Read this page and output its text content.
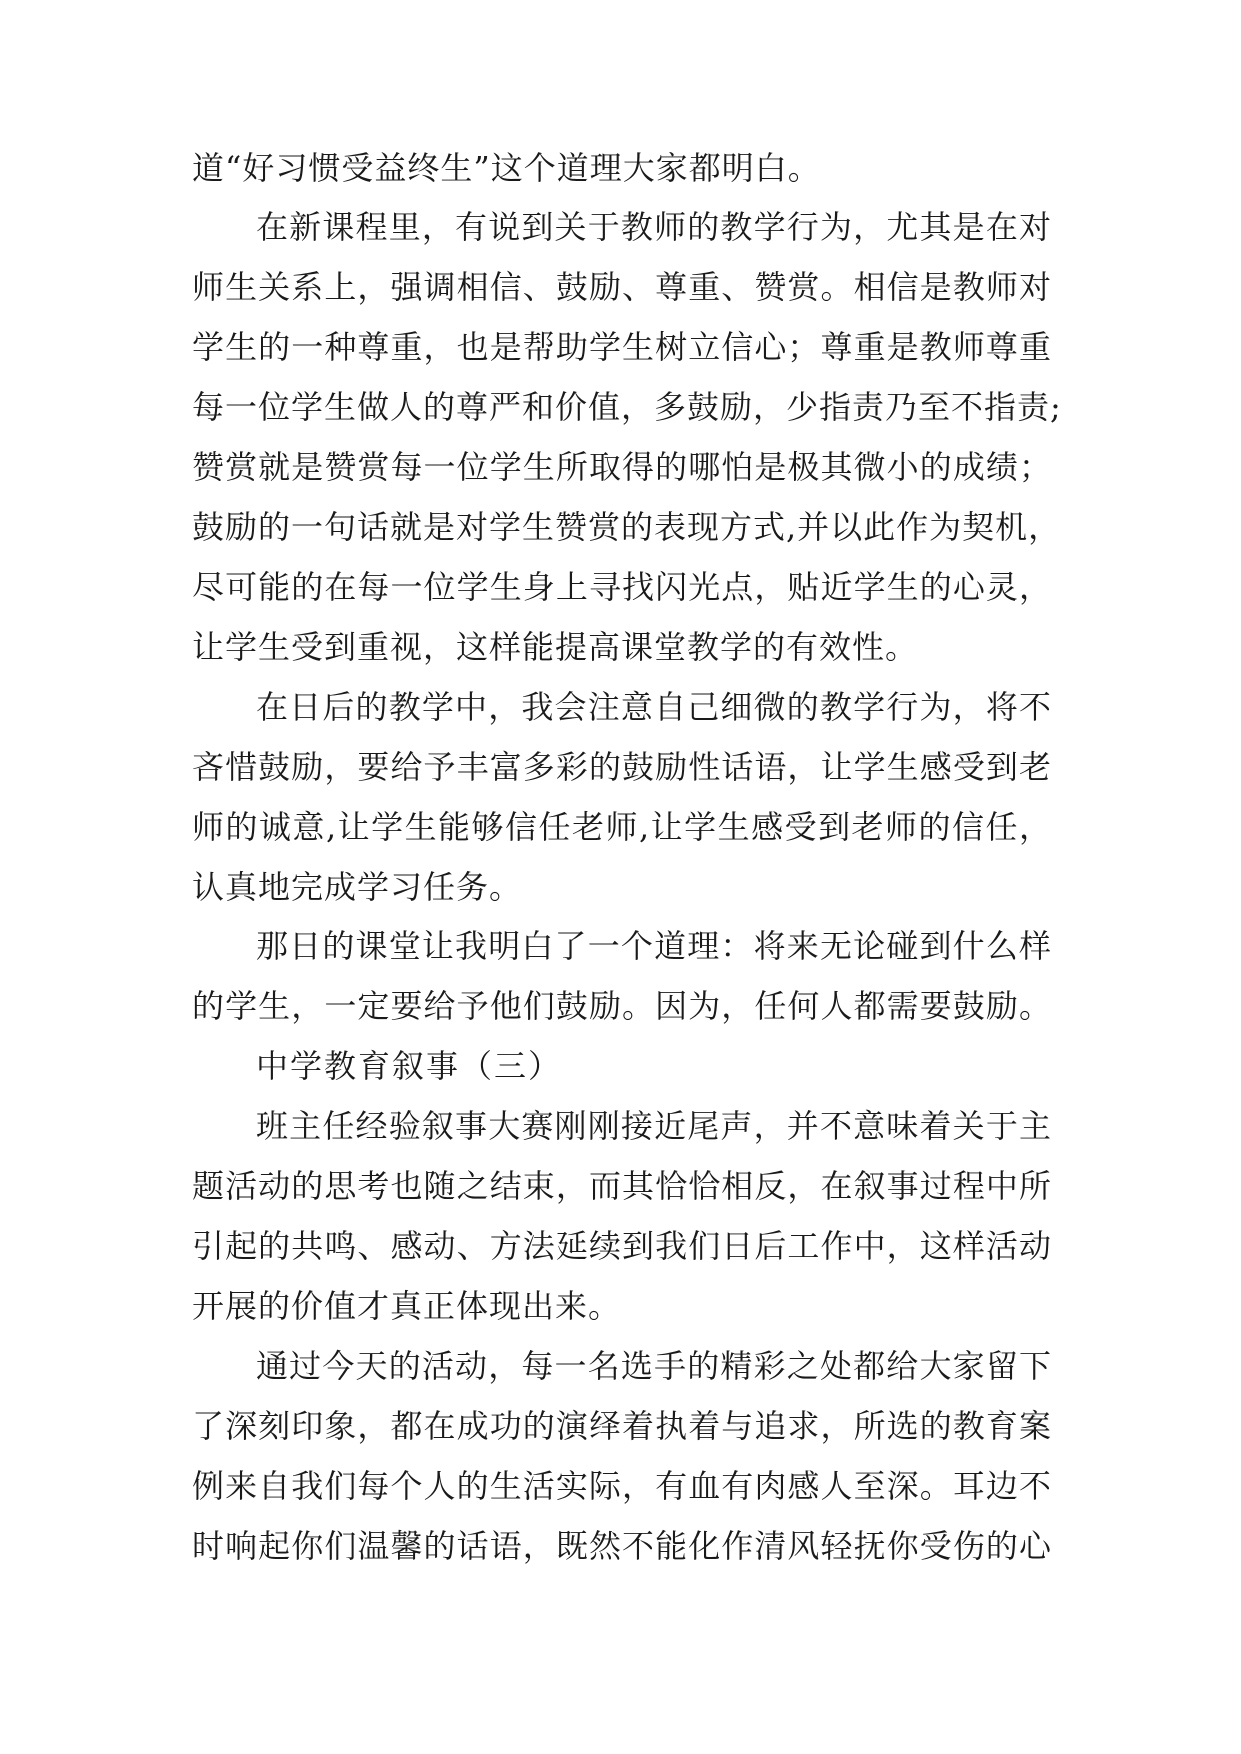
道“好习惯受益终生”这个道理大家都明白。
在新课程里，有说到关于教师的教学行为，尤其是在对
师生关系上，强调相信、鼓励、尊重、赞赏。相信是教师对
学生的一种尊重，也是帮助学生树立信心；尊重是教师尊重
每一位学生做人的尊严和价值，多鼓励，少指责乃至不指责;
赞赏就是赞赏每一位学生所取得的哪怕是极其微小的成绩；
鼓励的一句话就是对学生赞赏的表现方式,并以此作为契机，
尽可能的在每一位学生身上寻找闪光点，贴近学生的心灵，
让学生受到重视，这样能提高课堂教学的有效性。
在日后的教学中，我会注意自己细微的教学行为，将不
吝惜鼓励，要给予丰富多彩的鼓励性话语，让学生感受到老
师的诚意,让学生能够信任老师,让学生感受到老师的信任，
认真地完成学习任务。
那日的课堂让我明白了一个道理：将来无论碰到什么样
的学生，一定要给予他们鼓励。因为，任何人都需要鼓励。
中学教育叙事（三）
班主任经验叙事大赛刚刚接近尾声，并不意味着关于主
题活动的思考也随之结束，而其恰恰相反，在叙事过程中所
引起的共鸣、感动、方法延续到我们日后工作中，这样活动
开展的价值才真正体现出来。
通过今天的活动，每一名选手的精彩之处都给大家留下
了深刻印象，都在成功的演绎着执着与追求，所选的教育案
例来自我们每个人的生活实际，有血有肉感人至深。耳边不
时响起你们温馨的话语，既然不能化作清风轻抚你受伤的心
